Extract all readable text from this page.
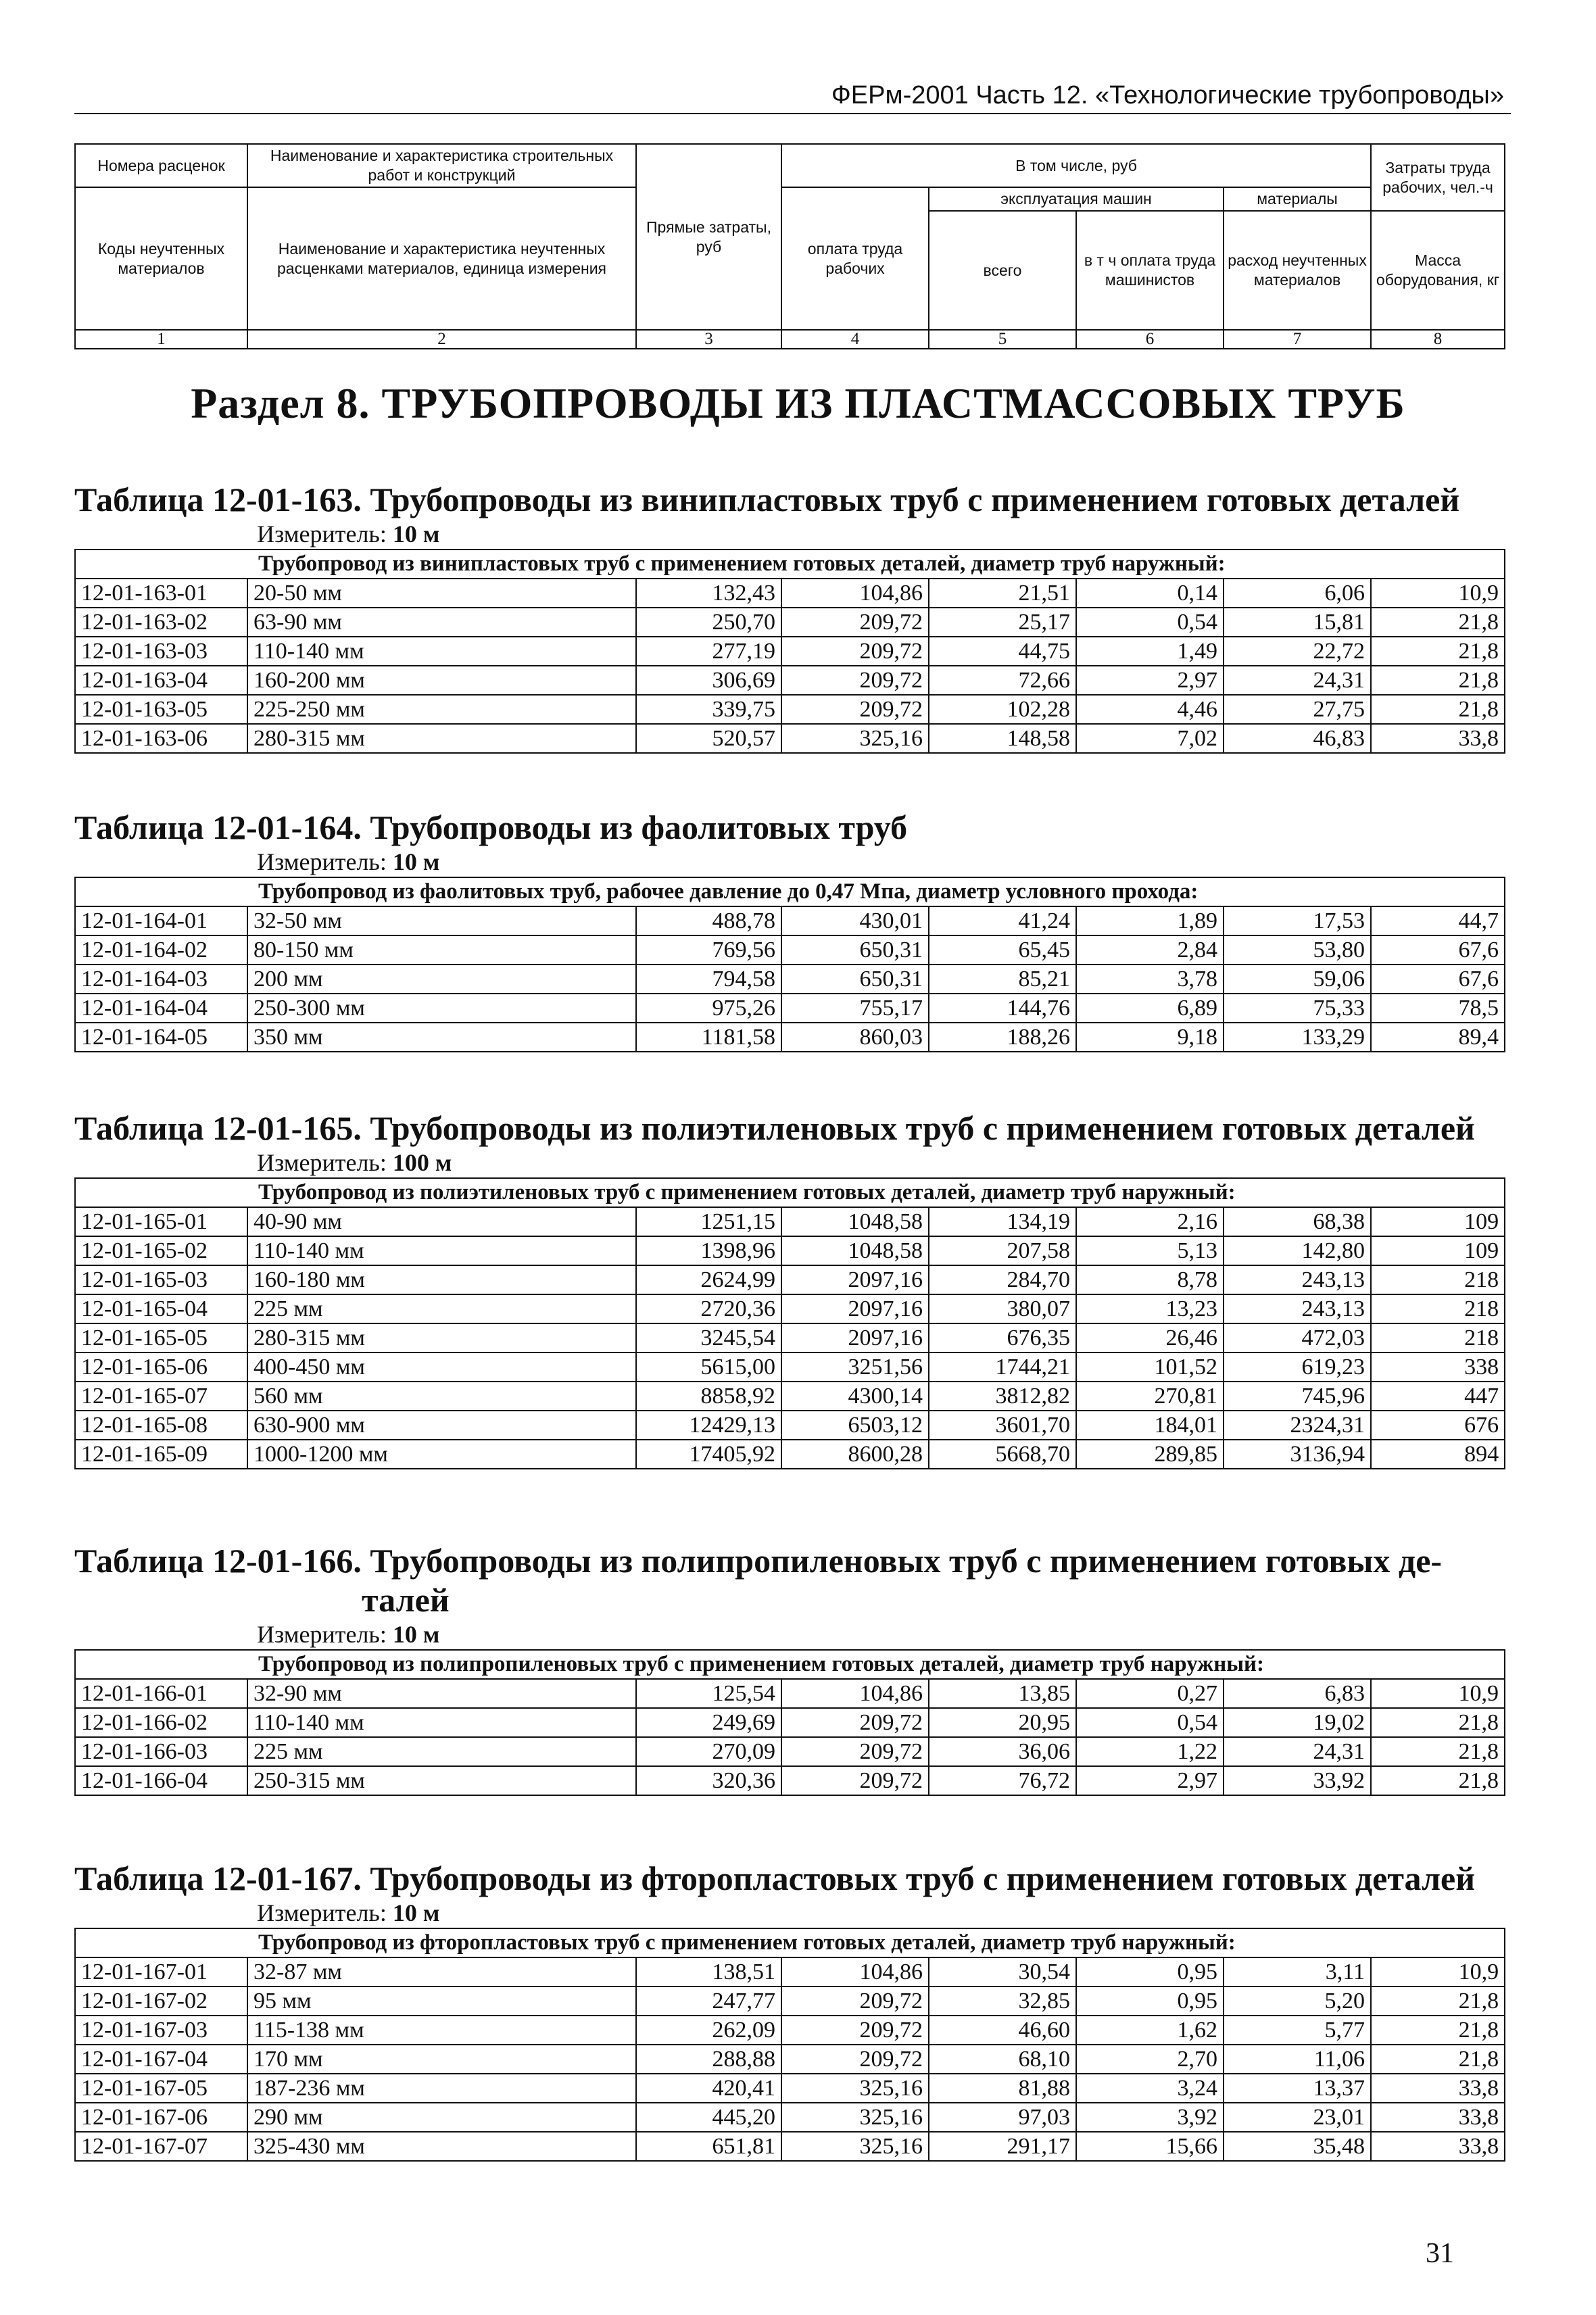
ФЕРм-2001 Часть 12. «Технологические трубопроводы»
Номера расценок	Наименование и характеристика строительных работ и конструкций	Прямые затраты, руб	В том числе, руб				Затраты труда рабочих, чел.-ч
Коды неучтенных материалов	Наименование и характеристика неучтенных расценками материалов, единица измерения		оплата труда рабочих	эксплуатация машин		материалы	
				всего	в т ч оплата труда машинистов	расход неучтенных материалов	Масса оборудования, кг
1	2	3	4	5	6	7	8
Раздел 8. ТРУБОПРОВОДЫ ИЗ ПЛАСТМАССОВЫХ ТРУБ
Таблица 12-01-163. Трубопроводы из винипластовых труб с применением готовых деталей
Измеритель: 10 м
Трубопровод из винипластовых труб с применением готовых деталей, диаметр труб наружный:							
12-01-163-01	20-50 мм	132,43	104,86	21,51	0,14	6,06	10,9
12-01-163-02	63-90 мм	250,70	209,72	25,17	0,54	15,81	21,8
12-01-163-03	110-140 мм	277,19	209,72	44,75	1,49	22,72	21,8
12-01-163-04	160-200 мм	306,69	209,72	72,66	2,97	24,31	21,8
12-01-163-05	225-250 мм	339,75	209,72	102,28	4,46	27,75	21,8
12-01-163-06	280-315 мм	520,57	325,16	148,58	7,02	46,83	33,8
Таблица 12-01-164. Трубопроводы из фаолитовых труб
Измеритель: 10 м
Трубопровод из фаолитовых труб, рабочее давление до 0,47 Мпа, диаметр условного прохода:							
12-01-164-01	32-50 мм	488,78	430,01	41,24	1,89	17,53	44,7
12-01-164-02	80-150 мм	769,56	650,31	65,45	2,84	53,80	67,6
12-01-164-03	200 мм	794,58	650,31	85,21	3,78	59,06	67,6
12-01-164-04	250-300 мм	975,26	755,17	144,76	6,89	75,33	78,5
12-01-164-05	350 мм	1181,58	860,03	188,26	9,18	133,29	89,4
Таблица 12-01-165. Трубопроводы из полиэтиленовых труб с применением готовых деталей
Измеритель: 100 м
Трубопровод из полиэтиленовых труб с применением готовых деталей, диаметр труб наружный:							
12-01-165-01	40-90 мм	1251,15	1048,58	134,19	2,16	68,38	109
12-01-165-02	110-140 мм	1398,96	1048,58	207,58	5,13	142,80	109
12-01-165-03	160-180 мм	2624,99	2097,16	284,70	8,78	243,13	218
12-01-165-04	225 мм	2720,36	2097,16	380,07	13,23	243,13	218
12-01-165-05	280-315 мм	3245,54	2097,16	676,35	26,46	472,03	218
12-01-165-06	400-450 мм	5615,00	3251,56	1744,21	101,52	619,23	338
12-01-165-07	560 мм	8858,92	4300,14	3812,82	270,81	745,96	447
12-01-165-08	630-900 мм	12429,13	6503,12	3601,70	184,01	2324,31	676
12-01-165-09	1000-1200 мм	17405,92	8600,28	5668,70	289,85	3136,94	894
Таблица 12-01-166. Трубопроводы из полипропиленовых труб с применением готовых де-
талей
Измеритель: 10 м
Трубопровод из полипропиленовых труб с применением готовых деталей, диаметр труб наружный:							
12-01-166-01	32-90 мм	125,54	104,86	13,85	0,27	6,83	10,9
12-01-166-02	110-140 мм	249,69	209,72	20,95	0,54	19,02	21,8
12-01-166-03	225 мм	270,09	209,72	36,06	1,22	24,31	21,8
12-01-166-04	250-315 мм	320,36	209,72	76,72	2,97	33,92	21,8
Таблица 12-01-167. Трубопроводы из фторопластовых труб с применением готовых деталей
Измеритель: 10 м
Трубопровод из фторопластовых труб с применением готовых деталей, диаметр труб наружный:							
12-01-167-01	32-87 мм	138,51	104,86	30,54	0,95	3,11	10,9
12-01-167-02	95 мм	247,77	209,72	32,85	0,95	5,20	21,8
12-01-167-03	115-138 мм	262,09	209,72	46,60	1,62	5,77	21,8
12-01-167-04	170 мм	288,88	209,72	68,10	2,70	11,06	21,8
12-01-167-05	187-236 мм	420,41	325,16	81,88	3,24	13,37	33,8
12-01-167-06	290 мм	445,20	325,16	97,03	3,92	23,01	33,8
12-01-167-07	325-430 мм	651,81	325,16	291,17	15,66	35,48	33,8
31
